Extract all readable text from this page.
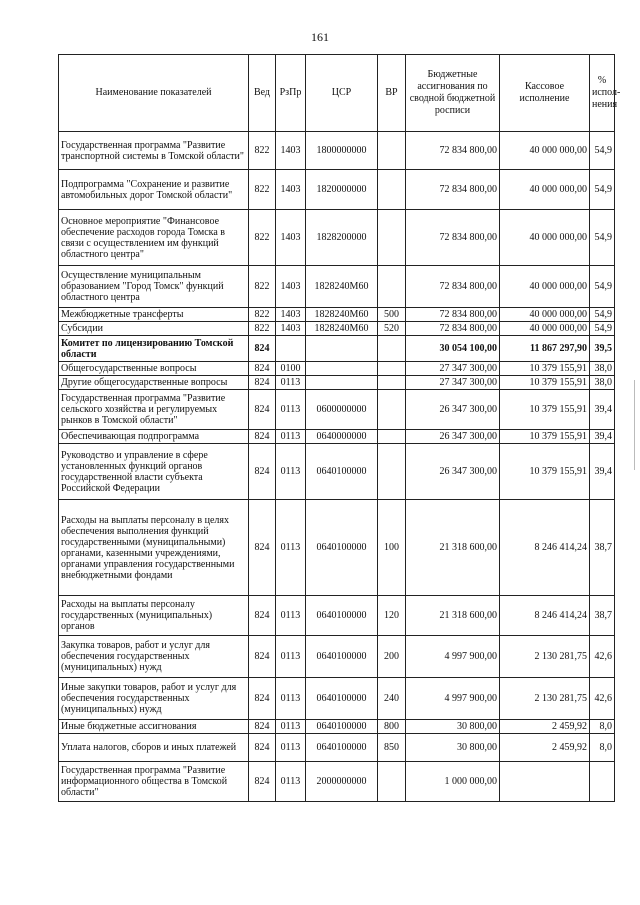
161
Наименование показателей	Вед	РзПр	ЦСР	ВР	Бюджетные ассигнования по сводной бюджетной росписи	Кассовое исполнение	% испол-нения
Государственная программа "Развитие транспортной системы в Томской области"	822	1403	1800000000		72 834 800,00	40 000 000,00	54,9
Подпрограмма "Сохранение и развитие автомобильных дорог Томской области"	822	1403	1820000000		72 834 800,00	40 000 000,00	54,9
Основное мероприятие "Финансовое обеспечение расходов города Томска в связи с осуществлением им функций областного центра"	822	1403	1828200000		72 834 800,00	40 000 000,00	54,9
Осуществление муниципальным образованием "Город Томск" функций областного центра	822	1403	1828240М60		72 834 800,00	40 000 000,00	54,9
Межбюджетные трансферты	822	1403	1828240М60	500	72 834 800,00	40 000 000,00	54,9
Субсидии	822	1403	1828240М60	520	72 834 800,00	40 000 000,00	54,9
Комитет по лицензированию Томской области	824				30 054 100,00	11 867 297,90	39,5
Общегосударственные вопросы	824	0100			27 347 300,00	10 379 155,91	38,0
Другие общегосударственные вопросы	824	0113			27 347 300,00	10 379 155,91	38,0
Государственная программа "Развитие сельского хозяйства и регулируемых рынков в Томской области"	824	0113	0600000000		26 347 300,00	10 379 155,91	39,4
Обеспечивающая подпрограмма	824	0113	0640000000		26 347 300,00	10 379 155,91	39,4
Руководство и управление в сфере установленных функций органов государственной власти субъекта Российской Федерации	824	0113	0640100000		26 347 300,00	10 379 155,91	39,4
Расходы на выплаты персоналу в целях обеспечения выполнения функций государственными (муниципальными) органами, казенными учреждениями, органами управления государственными внебюджетными фондами	824	0113	0640100000	100	21 318 600,00	8 246 414,24	38,7
Расходы на выплаты персоналу государственных (муниципальных) органов	824	0113	0640100000	120	21 318 600,00	8 246 414,24	38,7
Закупка товаров, работ и услуг для обеспечения государственных (муниципальных) нужд	824	0113	0640100000	200	4 997 900,00	2 130 281,75	42,6
Иные закупки товаров, работ и услуг для обеспечения государственных (муниципальных) нужд	824	0113	0640100000	240	4 997 900,00	2 130 281,75	42,6
Иные бюджетные ассигнования	824	0113	0640100000	800	30 800,00	2 459,92	8,0
Уплата налогов, сборов и иных платежей	824	0113	0640100000	850	30 800,00	2 459,92	8,0
Государственная программа "Развитие информационного общества в Томской области"	824	0113	2000000000		1 000 000,00		
